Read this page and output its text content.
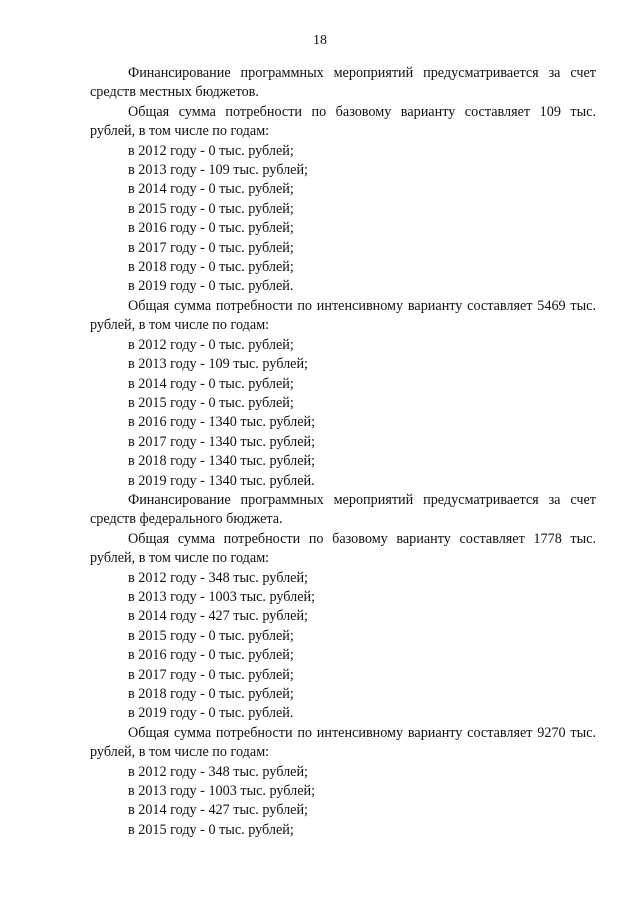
18

Финансирование программных мероприятий предусматривается за счет средств местных бюджетов.

Общая сумма потребности по базовому варианту составляет 109 тыс. рублей, в том числе по годам:

в 2012 году - 0 тыс. рублей;

в 2013 году - 109 тыс. рублей;

в 2014 году - 0 тыс. рублей;

в 2015 году - 0 тыс. рублей;

в 2016 году - 0 тыс. рублей;

в 2017 году - 0 тыс. рублей;

в 2018 году - 0 тыс. рублей;

в 2019 году - 0 тыс. рублей.

Общая сумма потребности по интенсивному варианту составляет 5469 тыс. рублей, в том числе по годам:

в 2012 году - 0 тыс. рублей;

в 2013 году - 109 тыс. рублей;

в 2014 году - 0 тыс. рублей;

в 2015 году - 0 тыс. рублей;

в 2016 году - 1340 тыс. рублей;

в 2017 году - 1340 тыс. рублей;

в 2018 году - 1340 тыс. рублей;

в 2019 году - 1340 тыс. рублей.

Финансирование программных мероприятий предусматривается за счет средств федерального бюджета.

Общая сумма потребности по базовому варианту составляет 1778 тыс. рублей, в том числе по годам:

в 2012 году - 348 тыс. рублей;

в 2013 году - 1003 тыс. рублей;

в 2014 году - 427 тыс. рублей;

в 2015 году - 0 тыс. рублей;

в 2016 году - 0 тыс. рублей;

в 2017 году - 0 тыс. рублей;

в 2018 году - 0 тыс. рублей;

в 2019 году - 0 тыс. рублей.

Общая сумма потребности по интенсивному варианту составляет 9270 тыс. рублей, в том числе по годам:

в 2012 году - 348 тыс. рублей;

в 2013 году - 1003 тыс. рублей;

в 2014 году - 427 тыс. рублей;

в 2015 году - 0 тыс. рублей;
